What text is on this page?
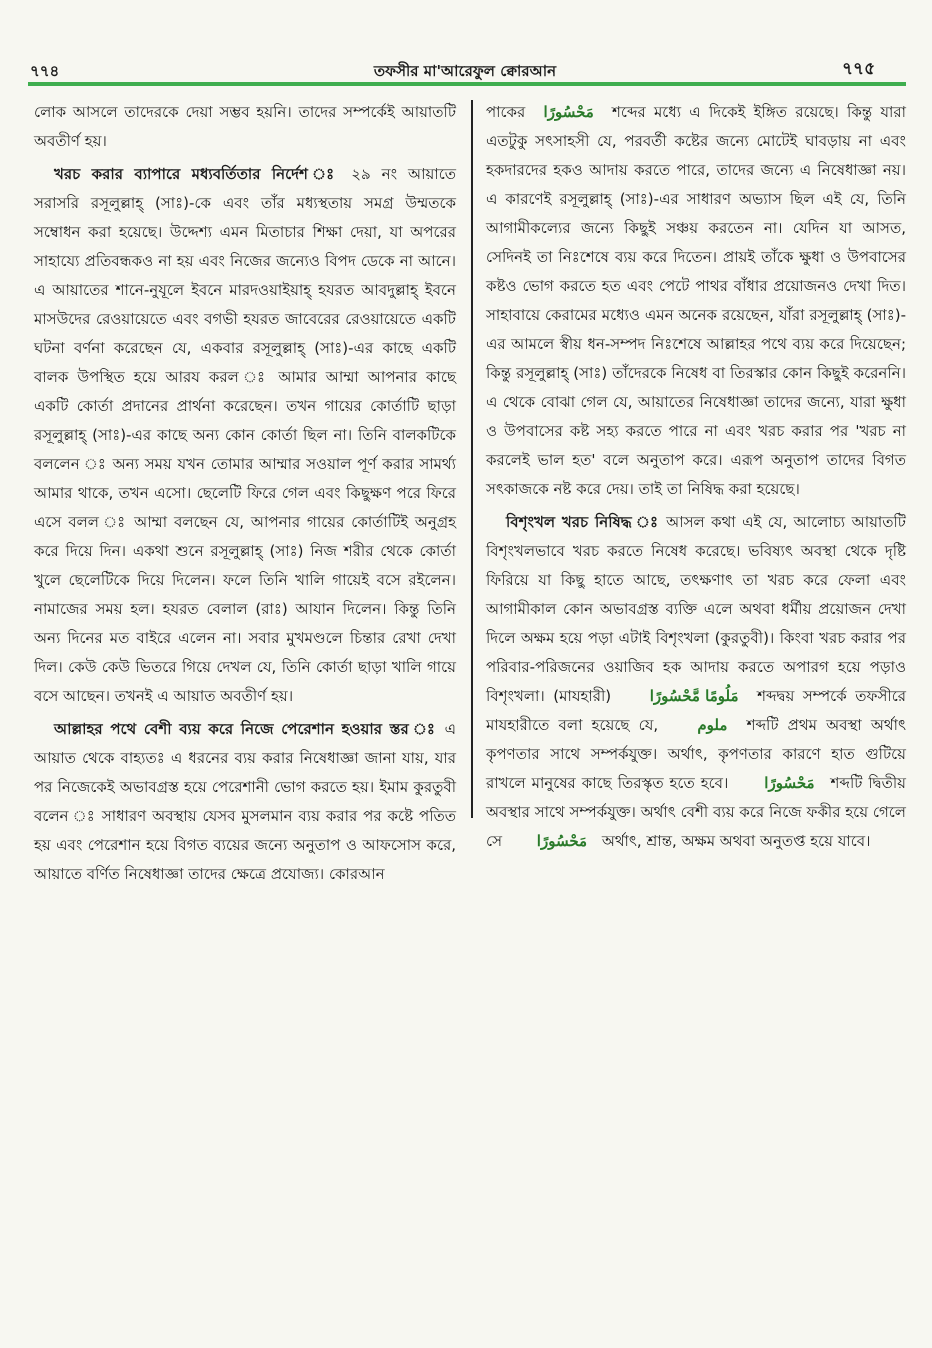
৭৭৪	তফসীর মা'আরেফুল ক্বোরআন	৭৭৫

লোক আসলে তাদেরকে দেয়া সম্ভব হয়নি। তাদের সম্পর্কেই আয়াতটি অবতীর্ণ হয়।

খরচ করার ব্যাপারে মধ্যবর্তিতার নির্দেশ ঃ ২৯ নং আয়াতে সরাসরি রসূলুল্লাহ্ (সাঃ)-কে এবং তাঁর মধ্যস্থতায় সমগ্র উম্মতকে সম্বোধন করা হয়েছে। উদ্দেশ্য এমন মিতাচার শিক্ষা দেয়া, যা অপরের সাহায্যে প্রতিবন্ধকও না হয় এবং নিজের জন্যেও বিপদ ডেকে না আনে। এ আয়াতের শানে-নুযূলে ইবনে মারদওয়াইয়াহ্ হযরত আবদুল্লাহ্ ইবনে মাসউদের রেওয়ায়েতে এবং বগভী হযরত জাবেরের রেওয়ায়েতে একটি ঘটনা বর্ণনা করেছেন যে, একবার রসূলুল্লাহ্ (সাঃ)-এর কাছে একটি বালক উপস্থিত হয়ে আরয করল ঃ আমার আম্মা আপনার কাছে একটি কোর্তা প্রদানের প্রার্থনা করেছেন। তখন গায়ের কোর্তাটি ছাড়া রসূলুল্লাহ্ (সাঃ)-এর কাছে অন্য কোন কোর্তা ছিল না। তিনি বালকটিকে বললেন ঃ অন্য সময় যখন তোমার আম্মার সওয়াল পূর্ণ করার সামর্থ্য আমার থাকে, তখন এসো। ছেলেটি ফিরে গেল এবং কিছুক্ষণ পরে ফিরে এসে বলল ঃ আম্মা বলছেন যে, আপনার গায়ের কোর্তাটিই অনুগ্রহ করে দিয়ে দিন। একথা শুনে রসূলুল্লাহ্ (সাঃ) নিজ শরীর থেকে কোর্তা খুলে ছেলেটিকে দিয়ে দিলেন। ফলে তিনি খালি গায়েই বসে রইলেন। নামাজের সময় হল। হযরত বেলাল (রাঃ) আযান দিলেন। কিন্তু তিনি অন্য দিনের মত বাইরে এলেন না। সবার মুখমণ্ডলে চিন্তার রেখা দেখা দিল। কেউ কেউ ভিতরে গিয়ে দেখল যে, তিনি কোর্তা ছাড়া খালি গায়ে বসে আছেন। তখনই এ আয়াত অবতীর্ণ হয়।

আল্লাহর পথে বেশী ব্যয় করে নিজে পেরেশান হওয়ার স্তর ঃ এ আয়াত থেকে বাহ্যতঃ এ ধরনের ব্যয় করার নিষেধাজ্ঞা জানা যায়, যার পর নিজেকেই অভাবগ্রস্ত হয়ে পেরেশানী ভোগ করতে হয়। ইমাম কুরতুবী বলেন ঃ সাধারণ অবস্থায় যেসব মুসলমান ব্যয় করার পর কষ্টে পতিত হয় এবং পেরেশান হয়ে বিগত ব্যয়ের জন্যে অনুতাপ ও আফসোস করে, আয়াতে বর্ণিত নিষেধাজ্ঞা তাদের ক্ষেত্রে প্রযোজ্য। কোরআন

পাকের مَحْسُورًا শব্দের মধ্যে এ দিকেই ইঙ্গিত রয়েছে। কিন্তু যারা এতটুকু সৎসাহসী যে, পরবর্তী কষ্টের জন্যে মোটেই ঘাবড়ায় না এবং হকদারদের হকও আদায় করতে পারে, তাদের জন্যে এ নিষেধাজ্ঞা নয়। এ কারণেই রসূলুল্লাহ্ (সাঃ)-এর সাধারণ অভ্যাস ছিল এই যে, তিনি আগামীকল্যের জন্যে কিছুই সঞ্চয় করতেন না। যেদিন যা আসত, সেদিনই তা নিঃশেষে ব্যয় করে দিতেন। প্রায়ই তাঁকে ক্ষুধা ও উপবাসের কষ্টও ভোগ করতে হত এবং পেটে পাথর বাঁধার প্রয়োজনও দেখা দিত। সাহাবায়ে কেরামের মধ্যেও এমন অনেক রয়েছেন, যাঁরা রসূলুল্লাহ্ (সাঃ)-এর আমলে স্বীয় ধন-সম্পদ নিঃশেষে আল্লাহর পথে ব্যয় করে দিয়েছেন; কিন্তু রসূলুল্লাহ্ (সাঃ) তাঁদেরকে নিষেধ বা তিরস্কার কোন কিছুই করেননি। এ থেকে বোঝা গেল যে, আয়াতের নিষেধাজ্ঞা তাদের জন্যে, যারা ক্ষুধা ও উপবাসের কষ্ট সহ্য করতে পারে না এবং খরচ করার পর 'খরচ না করলেই ভাল হত' বলে অনুতাপ করে। এরূপ অনুতাপ তাদের বিগত সৎকাজকে নষ্ট করে দেয়। তাই তা নিষিদ্ধ করা হয়েছে।

বিশৃংখল খরচ নিষিদ্ধ ঃ আসল কথা এই যে, আলোচ্য আয়াতটি বিশৃংখলভাবে খরচ করতে নিষেধ করেছে। ভবিষ্যৎ অবস্থা থেকে দৃষ্টি ফিরিয়ে যা কিছু হাতে আছে, তৎক্ষণাৎ তা খরচ করে ফেলা এবং আগামীকাল কোন অভাবগ্রস্ত ব্যক্তি এলে অথবা ধর্মীয় প্রয়োজন দেখা দিলে অক্ষম হয়ে পড়া এটাই বিশৃংখলা (কুরতুবী)। কিংবা খরচ করার পর পরিবার-পরিজনের ওয়াজিব হক আদায় করতে অপারগ হয়ে পড়াও বিশৃংখলা। (মাযহারী)	مَلُومًا مَّحْسُورًا শব্দদ্বয় সম্পর্কে তফসীরে মাযহারীতে বলা হয়েছে যে,	ملوم শব্দটি প্রথম অবস্থা অর্থাৎ কৃপণতার সাথে সম্পর্কযুক্ত। অর্থাৎ, কৃপণতার কারণে হাত গুটিয়ে রাখলে মানুষের কাছে তিরস্কৃত হতে হবে। مَحْسُورًا শব্দটি দ্বিতীয় অবস্থার সাথে সম্পর্কযুক্ত। অর্থাৎ বেশী ব্যয় করে নিজে ফকীর হয়ে গেলে সে مَحْسُورًا অর্থাৎ, শ্রান্ত, অক্ষম অথবা অনুতপ্ত হয়ে যাবে।
